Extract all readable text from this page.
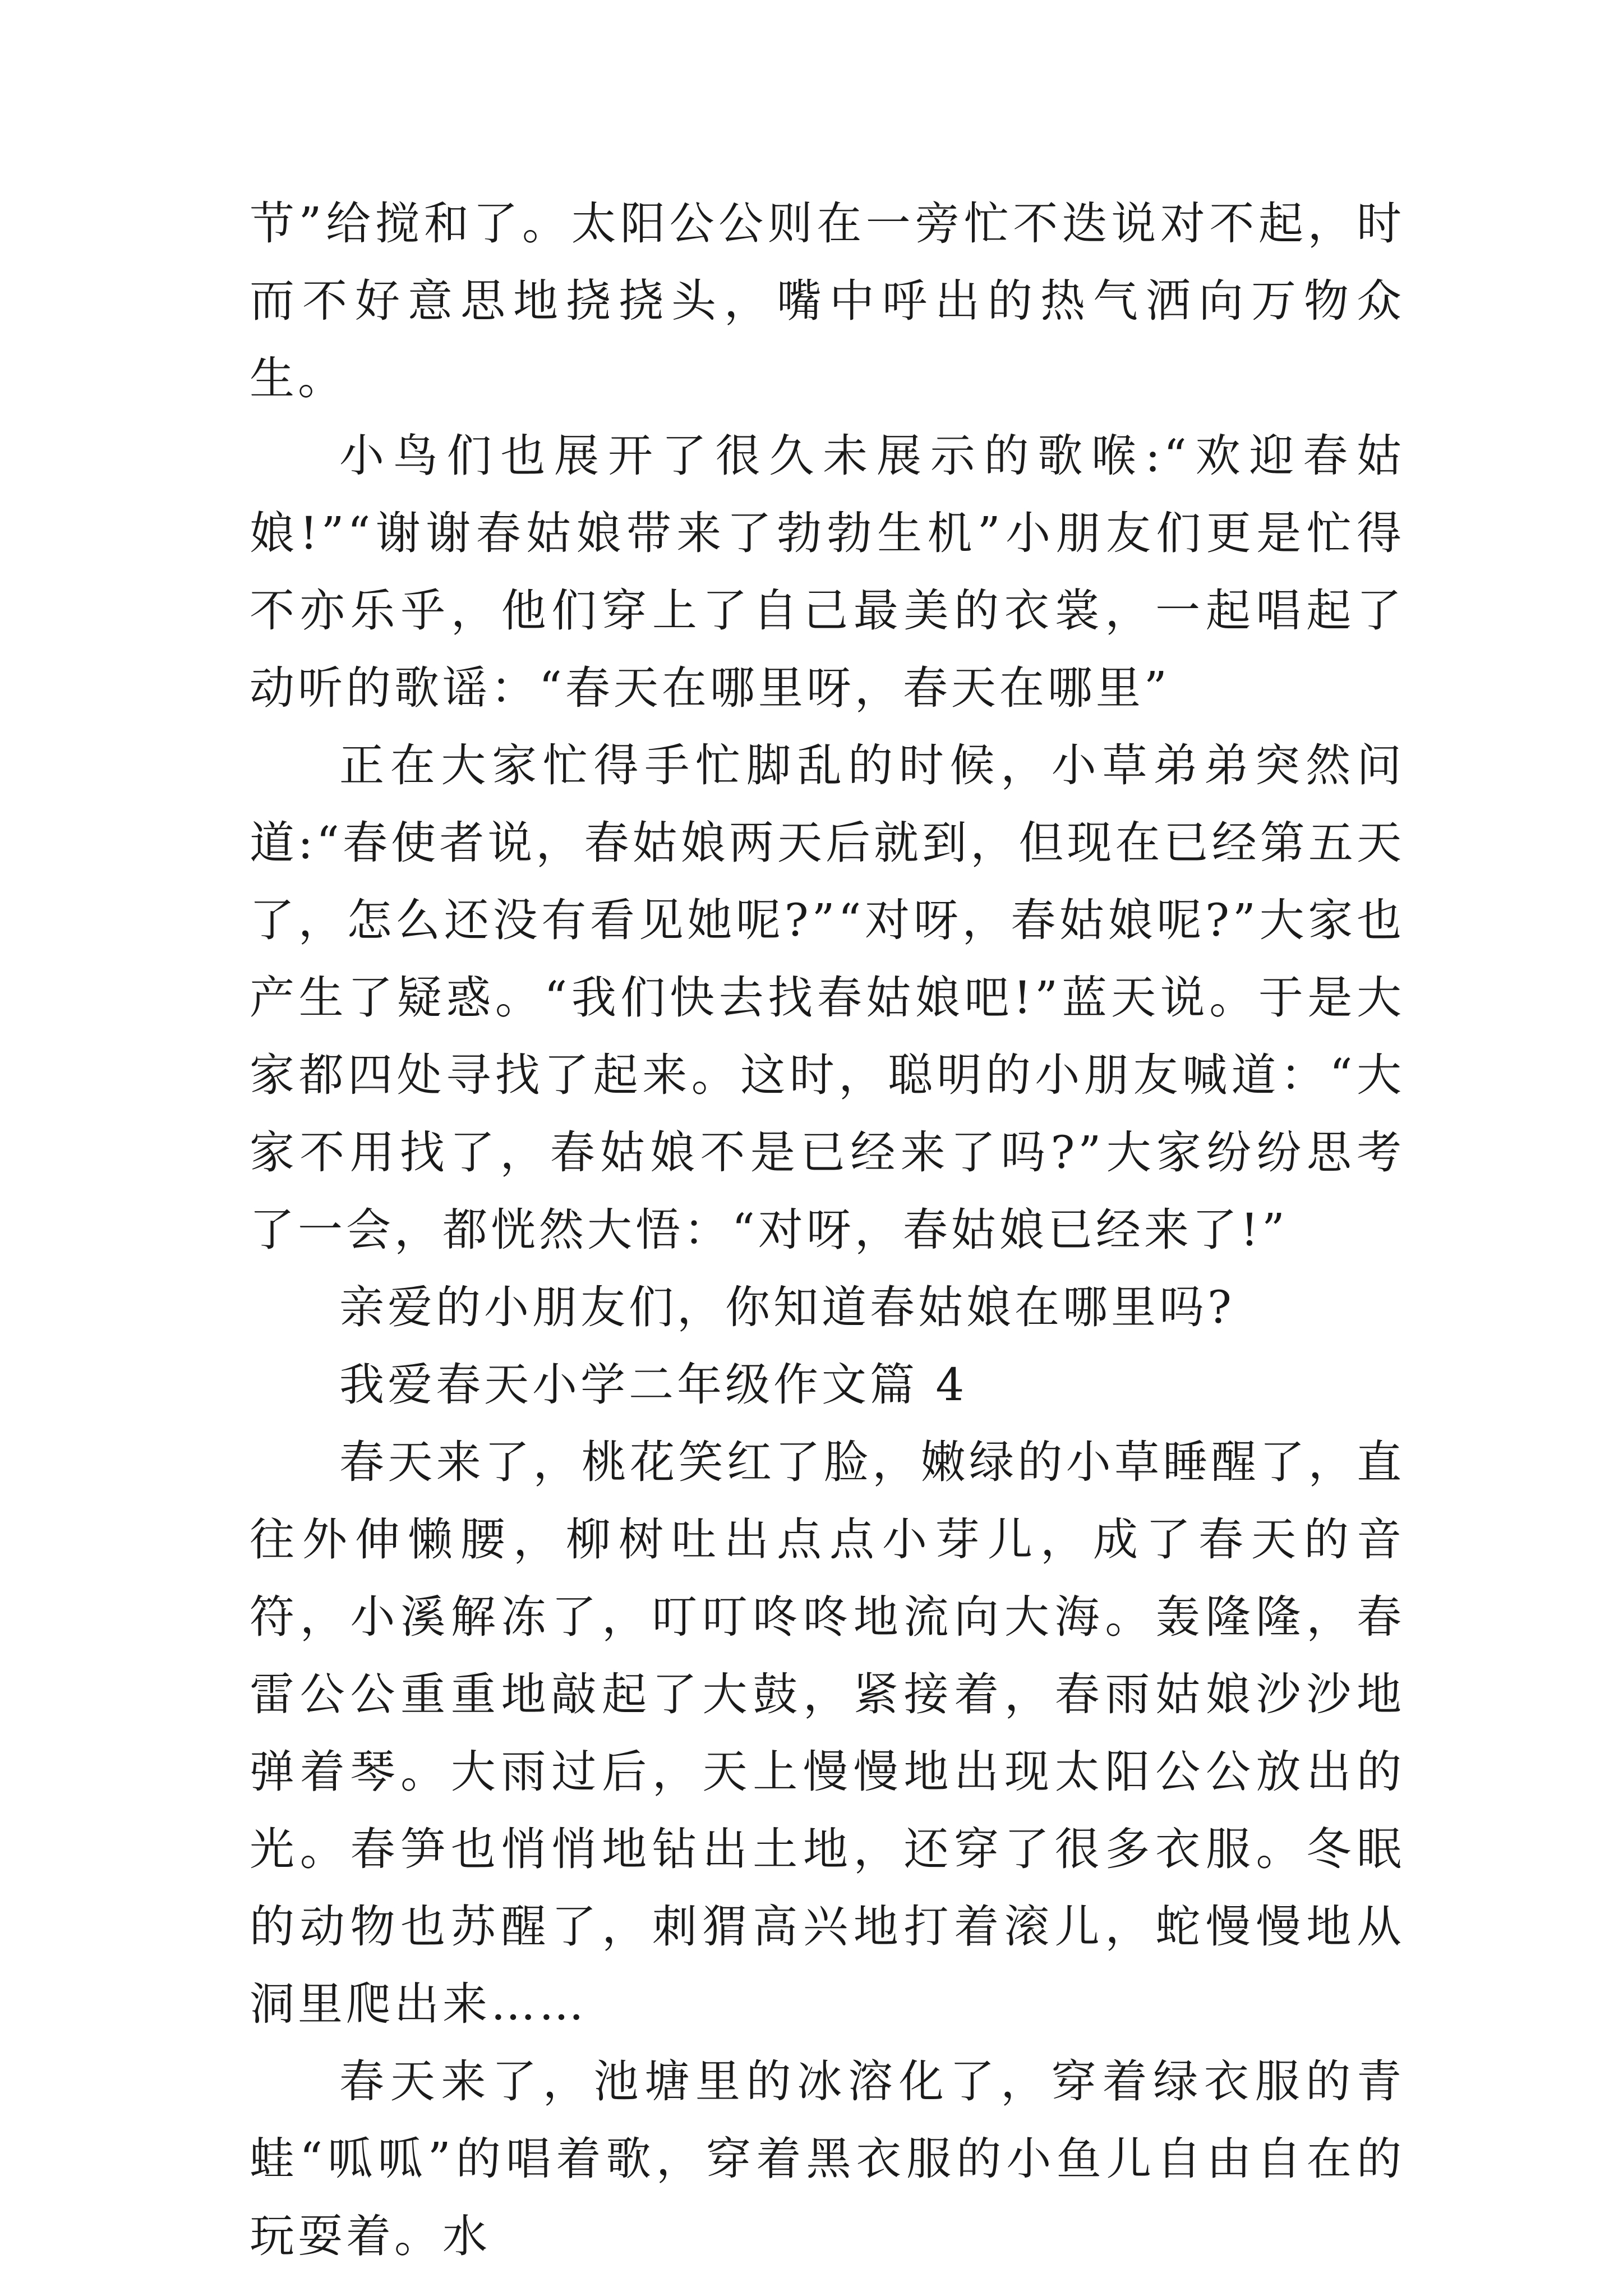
节”给搅和了。太阳公公则在一旁忙不迭说对不起，时而不好意思地挠挠头，嘴中呼出的热气洒向万物众生。

小鸟们也展开了很久未展示的歌喉:“欢迎春姑娘!”“谢谢春姑娘带来了勃勃生机”小朋友们更是忙得不亦乐乎，他们穿上了自己最美的衣裳，一起唱起了动听的歌谣：“春天在哪里呀，春天在哪里”

正在大家忙得手忙脚乱的时候，小草弟弟突然问道:“春使者说，春姑娘两天后就到，但现在已经第五天了，怎么还没有看见她呢?”“对呀，春姑娘呢?”大家也产生了疑惑。“我们快去找春姑娘吧!”蓝天说。于是大家都四处寻找了起来。这时，聪明的小朋友喊道：“大家不用找了，春姑娘不是已经来了吗?”大家纷纷思考了一会，都恍然大悟：“对呀，春姑娘已经来了!”

亲爱的小朋友们，你知道春姑娘在哪里吗?

我爱春天小学二年级作文篇 4

春天来了，桃花笑红了脸，嫩绿的小草睡醒了，直往外伸懒腰，柳树吐出点点小芽儿，成了春天的音符，小溪解冻了，叮叮咚咚地流向大海。轰隆隆，春雷公公重重地敲起了大鼓，紧接着，春雨姑娘沙沙地弹着琴。大雨过后，天上慢慢地出现太阳公公放出的光。春笋也悄悄地钻出土地，还穿了很多衣服。冬眠的动物也苏醒了，刺猬高兴地打着滚儿，蛇慢慢地从洞里爬出来……

春天来了，池塘里的冰溶化了，穿着绿衣服的青蛙“呱呱”的唱着歌，穿着黑衣服的小鱼儿自由自在的玩耍着。水
